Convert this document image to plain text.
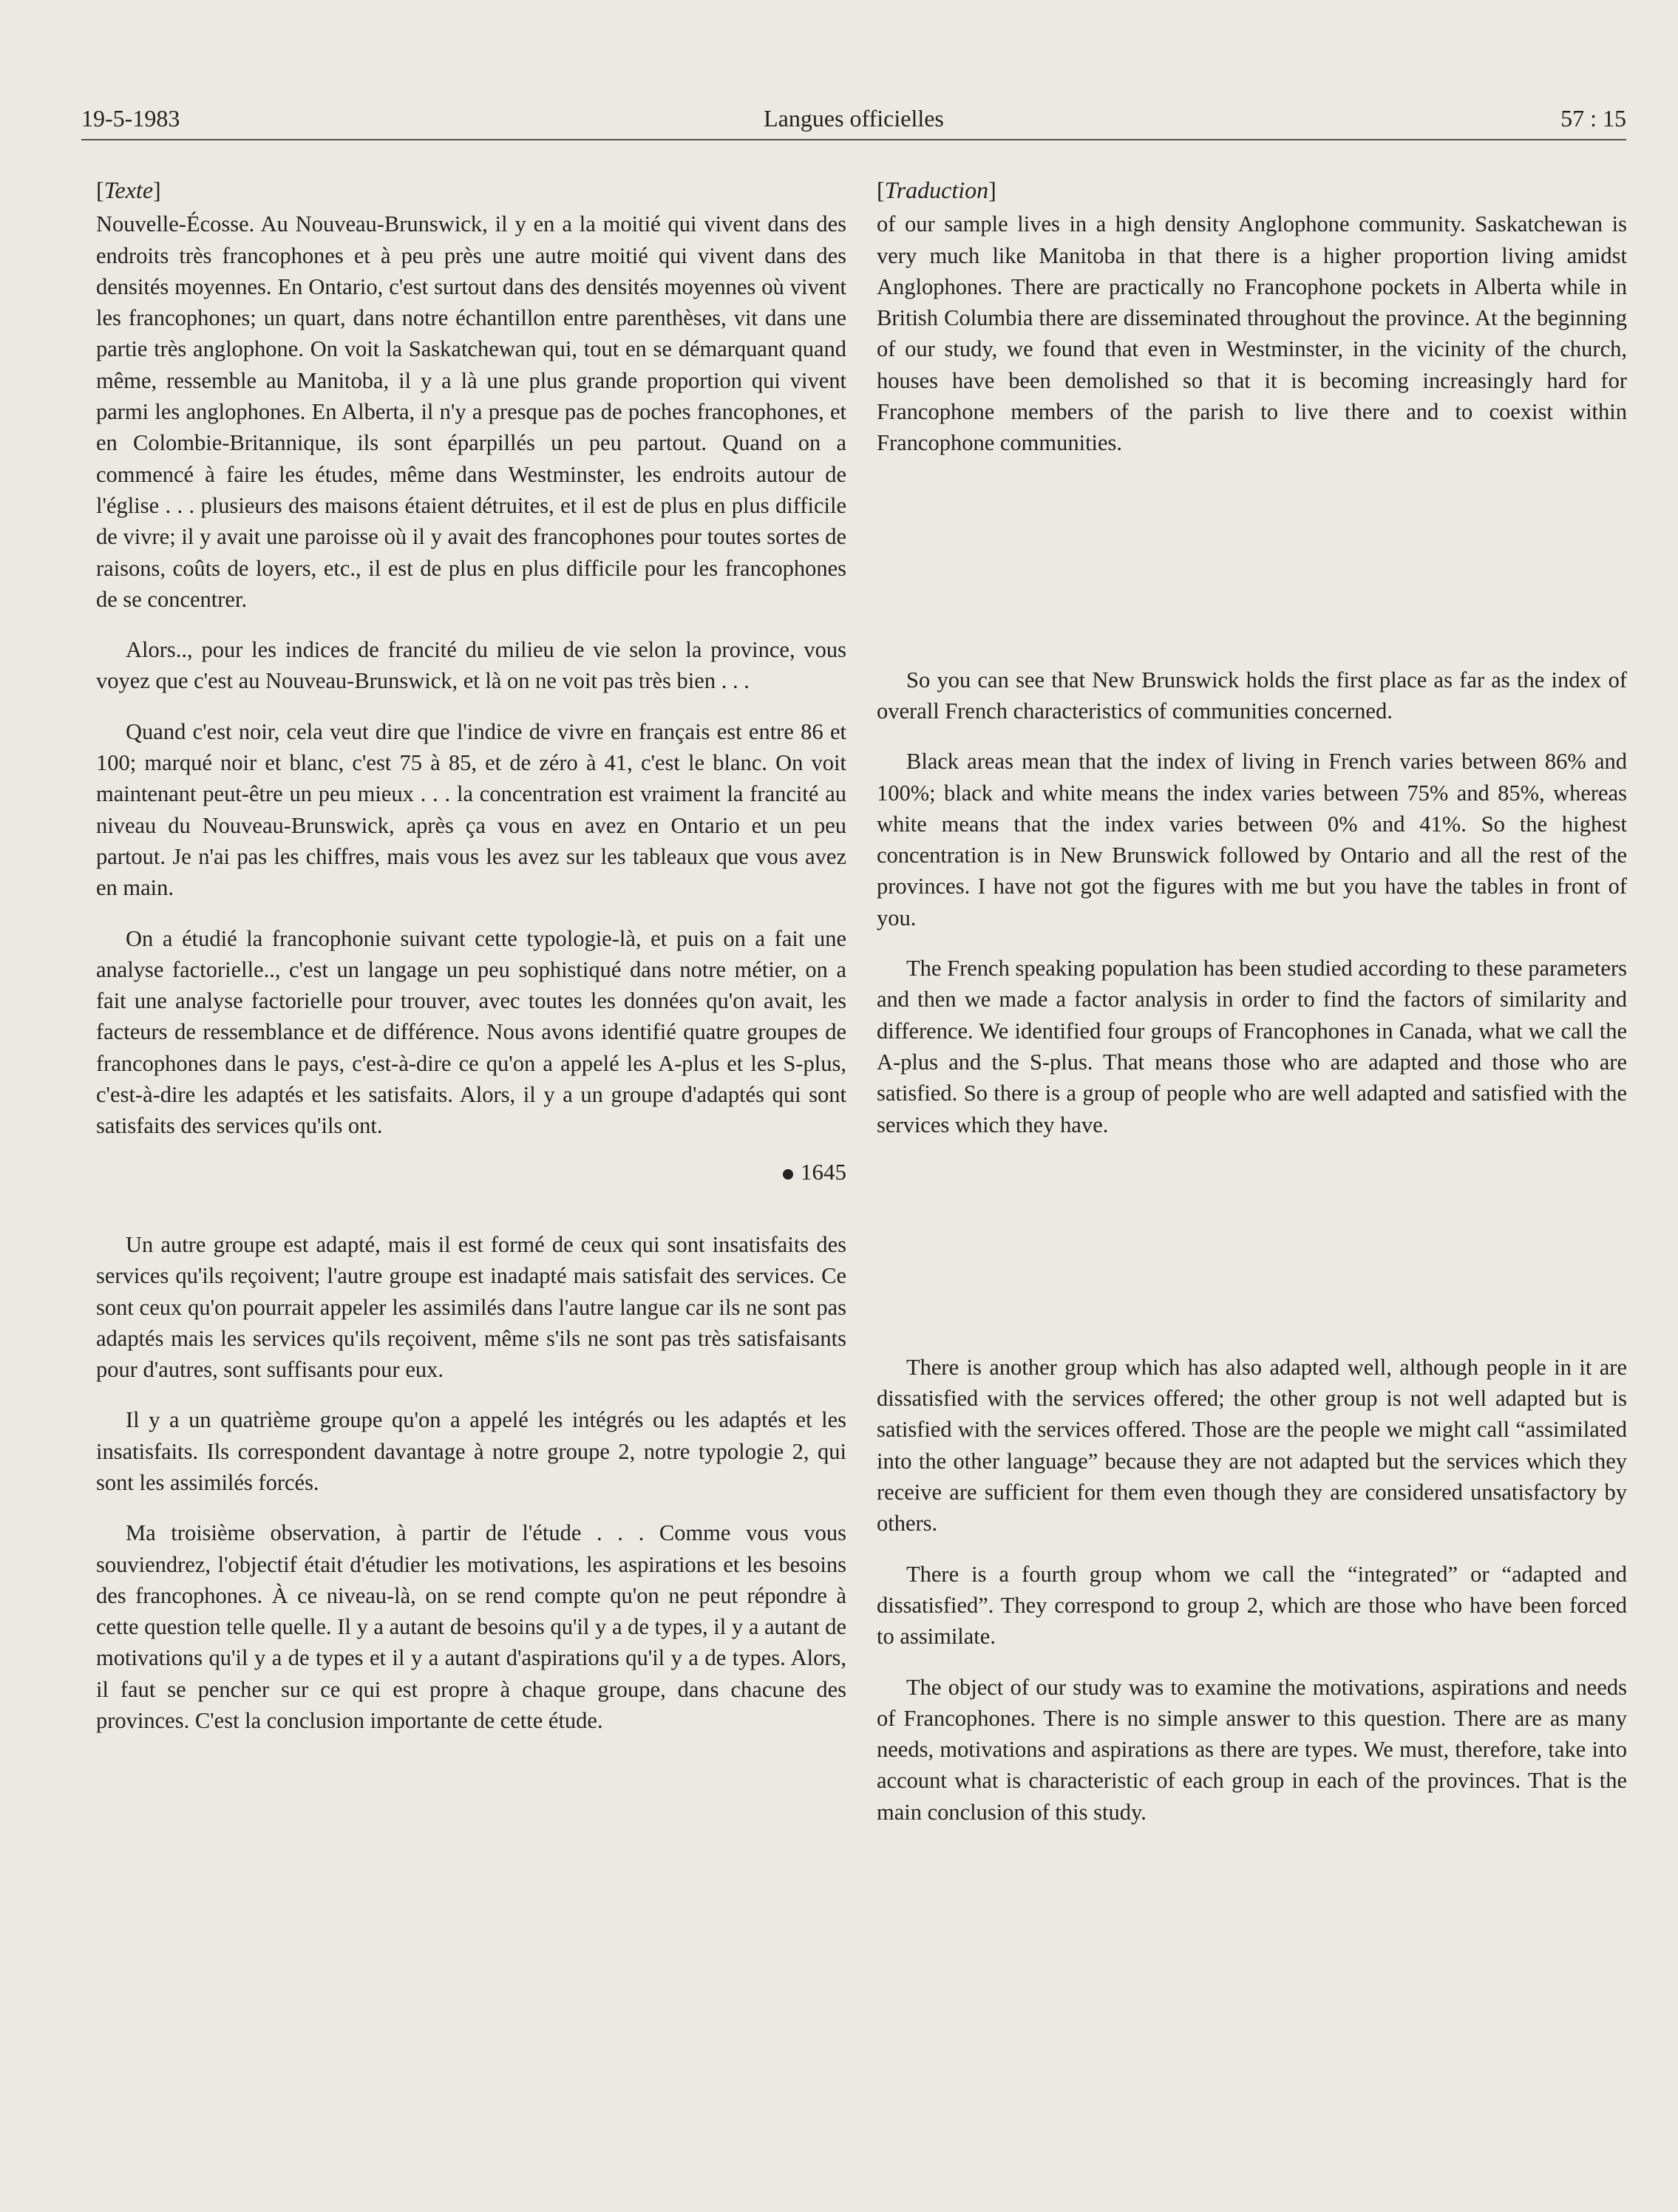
19-5-1983	Langues officielles	57 : 15
[Texte]

Nouvelle-Écosse. Au Nouveau-Brunswick, il y en a la moitié qui vivent dans des endroits très francophones et à peu près une autre moitié qui vivent dans des densités moyennes. En Ontario, c'est surtout dans des densités moyennes où vivent les francophones; un quart, dans notre échantillon entre parenthèses, vit dans une partie très anglophone. On voit la Saskatchewan qui, tout en se démarquant quand même, ressemble au Manitoba, il y a là une plus grande proportion qui vivent parmi les anglophones. En Alberta, il n'y a presque pas de poches francophones, et en Colombie-Britannique, ils sont éparpillés un peu partout. Quand on a commencé à faire les études, même dans Westminster, les endroits autour de l'église . . . plusieurs des maisons étaient détruites, et il est de plus en plus difficile de vivre; il y avait une paroisse où il y avait des francophones pour toutes sortes de raisons, coûts de loyers, etc., il est de plus en plus difficile pour les francophones de se concentrer.

Alors.., pour les indices de francité du milieu de vie selon la province, vous voyez que c'est au Nouveau-Brunswick, et là on ne voit pas très bien . . .

Quand c'est noir, cela veut dire que l'indice de vivre en français est entre 86 et 100; marqué noir et blanc, c'est 75 à 85, et de zéro à 41, c'est le blanc. On voit maintenant peut-être un peu mieux . . . la concentration est vraiment la francité au niveau du Nouveau-Brunswick, après ça vous en avez en Ontario et un peu partout. Je n'ai pas les chiffres, mais vous les avez sur les tableaux que vous avez en main.

On a étudié la francophonie suivant cette typologie-là, et puis on a fait une analyse factorielle.., c'est un langage un peu sophistiqué dans notre métier, on a fait une analyse factorielle pour trouver, avec toutes les données qu'on avait, les facteurs de ressemblance et de différence. Nous avons identifié quatre groupes de francophones dans le pays, c'est-à-dire ce qu'on a appelé les A-plus et les S-plus, c'est-à-dire les adaptés et les satisfaits. Alors, il y a un groupe d'adaptés qui sont satisfaits des services qu'ils ont.

1645

Un autre groupe est adapté, mais il est formé de ceux qui sont insatisfaits des services qu'ils reçoivent; l'autre groupe est inadapté mais satisfait des services. Ce sont ceux qu'on pourrait appeler les assimilés dans l'autre langue car ils ne sont pas adaptés mais les services qu'ils reçoivent, même s'ils ne sont pas très satisfaisants pour d'autres, sont suffisants pour eux.

Il y a un quatrième groupe qu'on a appelé les intégrés ou les adaptés et les insatisfaits. Ils correspondent davantage à notre groupe 2, notre typologie 2, qui sont les assimilés forcés.

Ma troisième observation, à partir de l'étude . . . Comme vous vous souviendrez, l'objectif était d'étudier les motivations, les aspirations et les besoins des francophones. À ce niveau-là, on se rend compte qu'on ne peut répondre à cette question telle quelle. Il y a autant de besoins qu'il y a de types, il y a autant de motivations qu'il y a de types et il y a autant d'aspirations qu'il y a de types. Alors, il faut se pencher sur ce qui est propre à chaque groupe, dans chacune des provinces. C'est la conclusion importante de cette étude.

[Traduction]

of our sample lives in a high density Anglophone community. Saskatchewan is very much like Manitoba in that there is a higher proportion living amidst Anglophones. There are practically no Francophone pockets in Alberta while in British Columbia there are disseminated throughout the province. At the beginning of our study, we found that even in Westminster, in the vicinity of the church, houses have been demolished so that it is becoming increasingly hard for Francophone members of the parish to live there and to coexist within Francophone communities.

So you can see that New Brunswick holds the first place as far as the index of overall French characteristics of communities concerned.

Black areas mean that the index of living in French varies between 86% and 100%; black and white means the index varies between 75% and 85%, whereas white means that the index varies between 0% and 41%. So the highest concentration is in New Brunswick followed by Ontario and all the rest of the provinces. I have not got the figures with me but you have the tables in front of you.

The French speaking population has been studied according to these parameters and then we made a factor analysis in order to find the factors of similarity and difference. We identified four groups of Francophones in Canada, what we call the A-plus and the S-plus. That means those who are adapted and those who are satisfied. So there is a group of people who are well adapted and satisfied with the services which they have.

There is another group which has also adapted well, although people in it are dissatisfied with the services offered; the other group is not well adapted but is satisfied with the services offered. Those are the people we might call “assimilated into the other language” because they are not adapted but the services which they receive are sufficient for them even though they are considered unsatisfactory by others.

There is a fourth group whom we call the “integrated” or “adapted and dissatisfied”. They correspond to group 2, which are those who have been forced to assimilate.

The object of our study was to examine the motivations, aspirations and needs of Francophones. There is no simple answer to this question. There are as many needs, motivations and aspirations as there are types. We must, therefore, take into account what is characteristic of each group in each of the provinces. That is the main conclusion of this study.
